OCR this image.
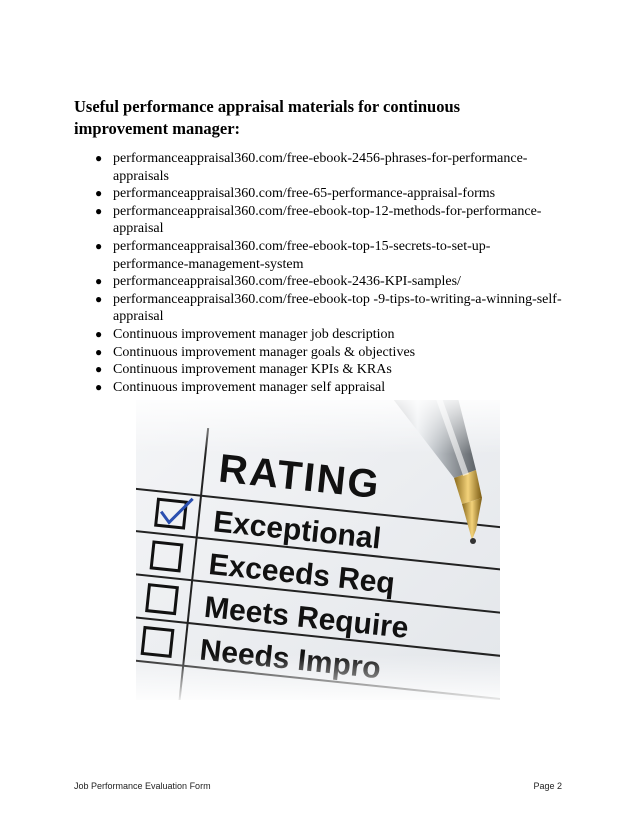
Useful performance appraisal materials for continuous improvement manager:
● performanceappraisal360.com/free-ebook-2456-phrases-for-performance-appraisals
● performanceappraisal360.com/free-65-performance-appraisal-forms
● performanceappraisal360.com/free-ebook-top-12-methods-for-performance-appraisal
● performanceappraisal360.com/free-ebook-top-15-secrets-to-set-up-performance-management-system
● performanceappraisal360.com/free-ebook-2436-KPI-samples/
● performanceappraisal360.com/free-ebook-top -9-tips-to-writing-a-winning-self-appraisal
● Continuous improvement manager job description
● Continuous improvement manager goals & objectives
● Continuous improvement manager KPIs & KRAs
● Continuous improvement manager self appraisal
Job Performance Evaluation Form	Page 2
